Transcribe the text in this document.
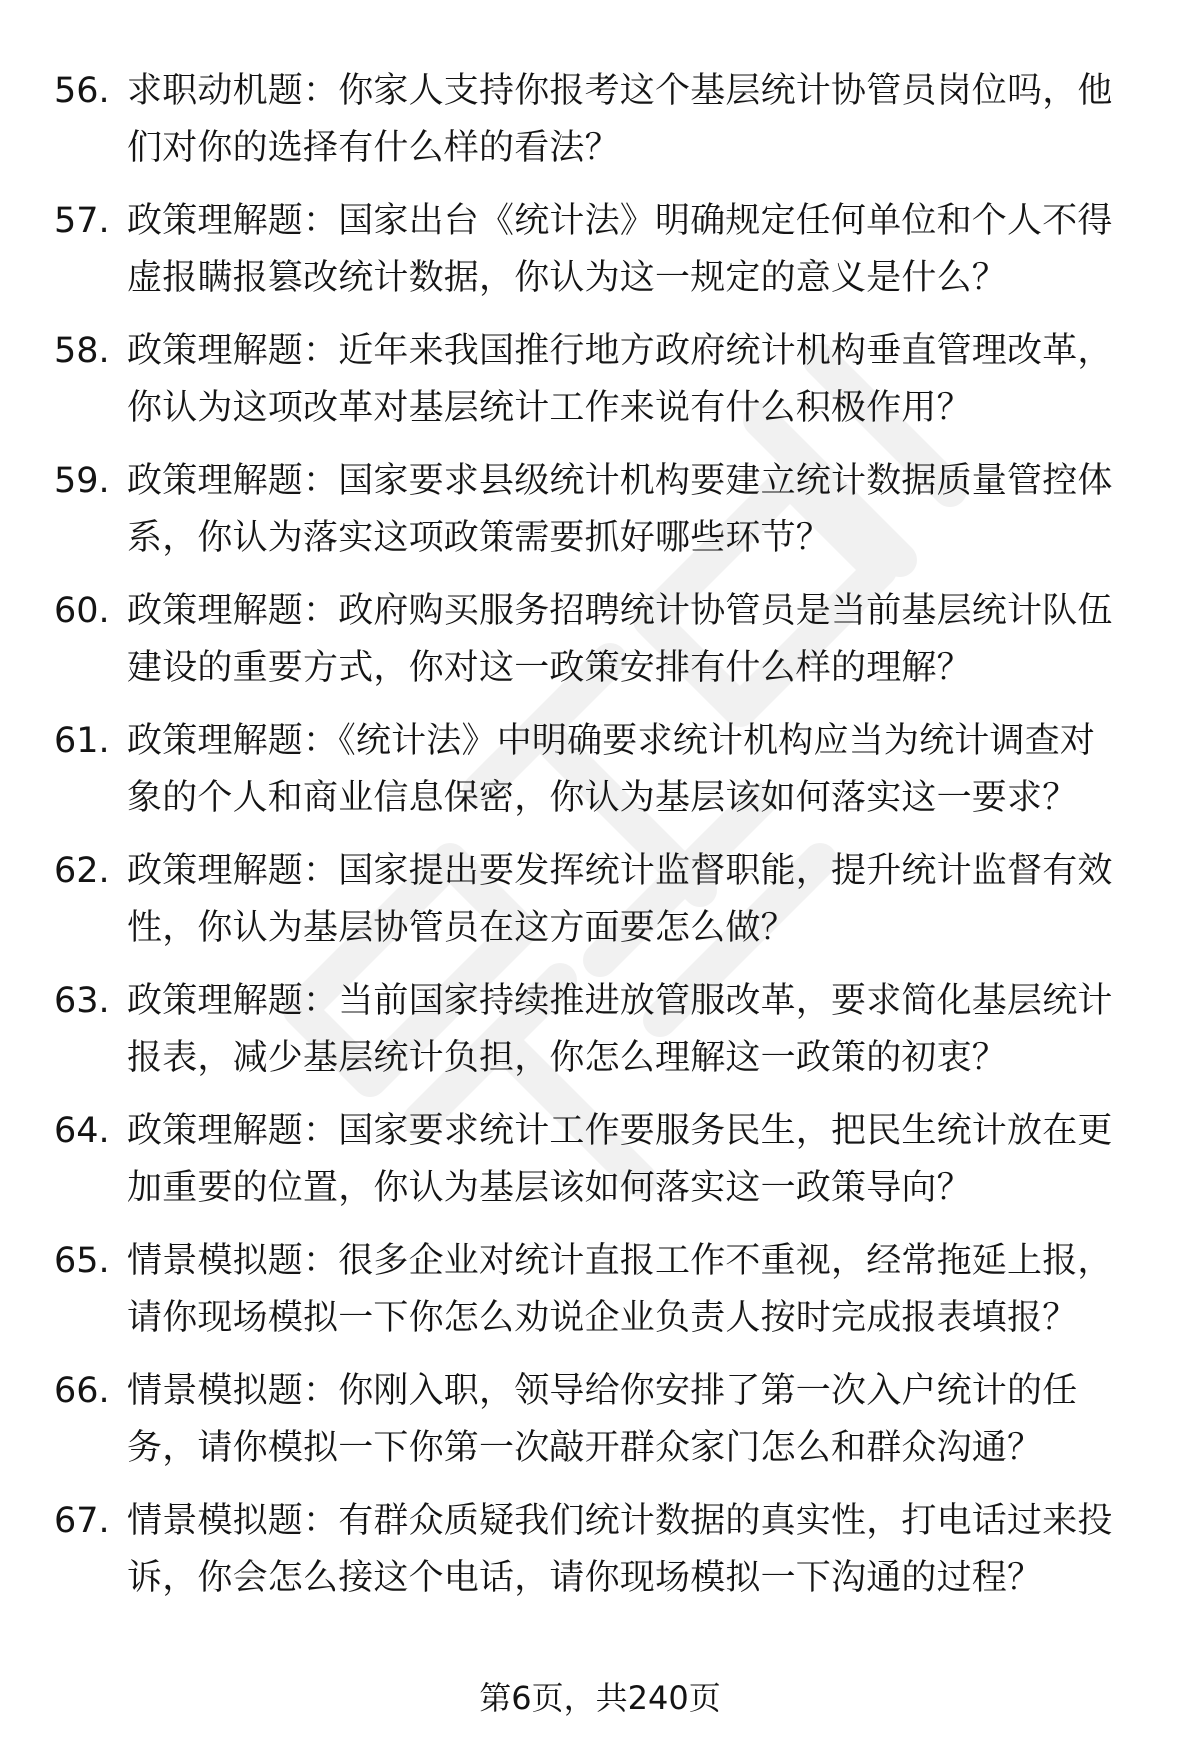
56. 求职动机题：你家人支持你报考这个基层统计协管员岗位吗，他
们对你的选择有什么样的看法？
57. 政策理解题：国家出台《统计法》明确规定任何单位和个人不得
虚报瞒报篡改统计数据，你认为这一规定的意义是什么？
58. 政策理解题：近年来我国推行地方政府统计机构垂直管理改革，
你认为这项改革对基层统计工作来说有什么积极作用？
59. 政策理解题：国家要求县级统计机构要建立统计数据质量管控体
系，你认为落实这项政策需要抓好哪些环节？
60. 政策理解题：政府购买服务招聘统计协管员是当前基层统计队伍
建设的重要方式，你对这一政策安排有什么样的理解？
61. 政策理解题：《统计法》中明确要求统计机构应当为统计调查对
象的个人和商业信息保密，你认为基层该如何落实这一要求？
62. 政策理解题：国家提出要发挥统计监督职能，提升统计监督有效
性，你认为基层协管员在这方面要怎么做？
63. 政策理解题：当前国家持续推进放管服改革，要求简化基层统计
报表，减少基层统计负担，你怎么理解这一政策的初衷？
64. 政策理解题：国家要求统计工作要服务民生，把民生统计放在更
加重要的位置，你认为基层该如何落实这一政策导向？
65. 情景模拟题：很多企业对统计直报工作不重视，经常拖延上报，
请你现场模拟一下你怎么劝说企业负责人按时完成报表填报？
66. 情景模拟题：你刚入职，领导给你安排了第一次入户统计的任
务，请你模拟一下你第一次敲开群众家门怎么和群众沟通？
67. 情景模拟题：有群众质疑我们统计数据的真实性，打电话过来投
诉，你会怎么接这个电话，请你现场模拟一下沟通的过程？
第6页，共240页
